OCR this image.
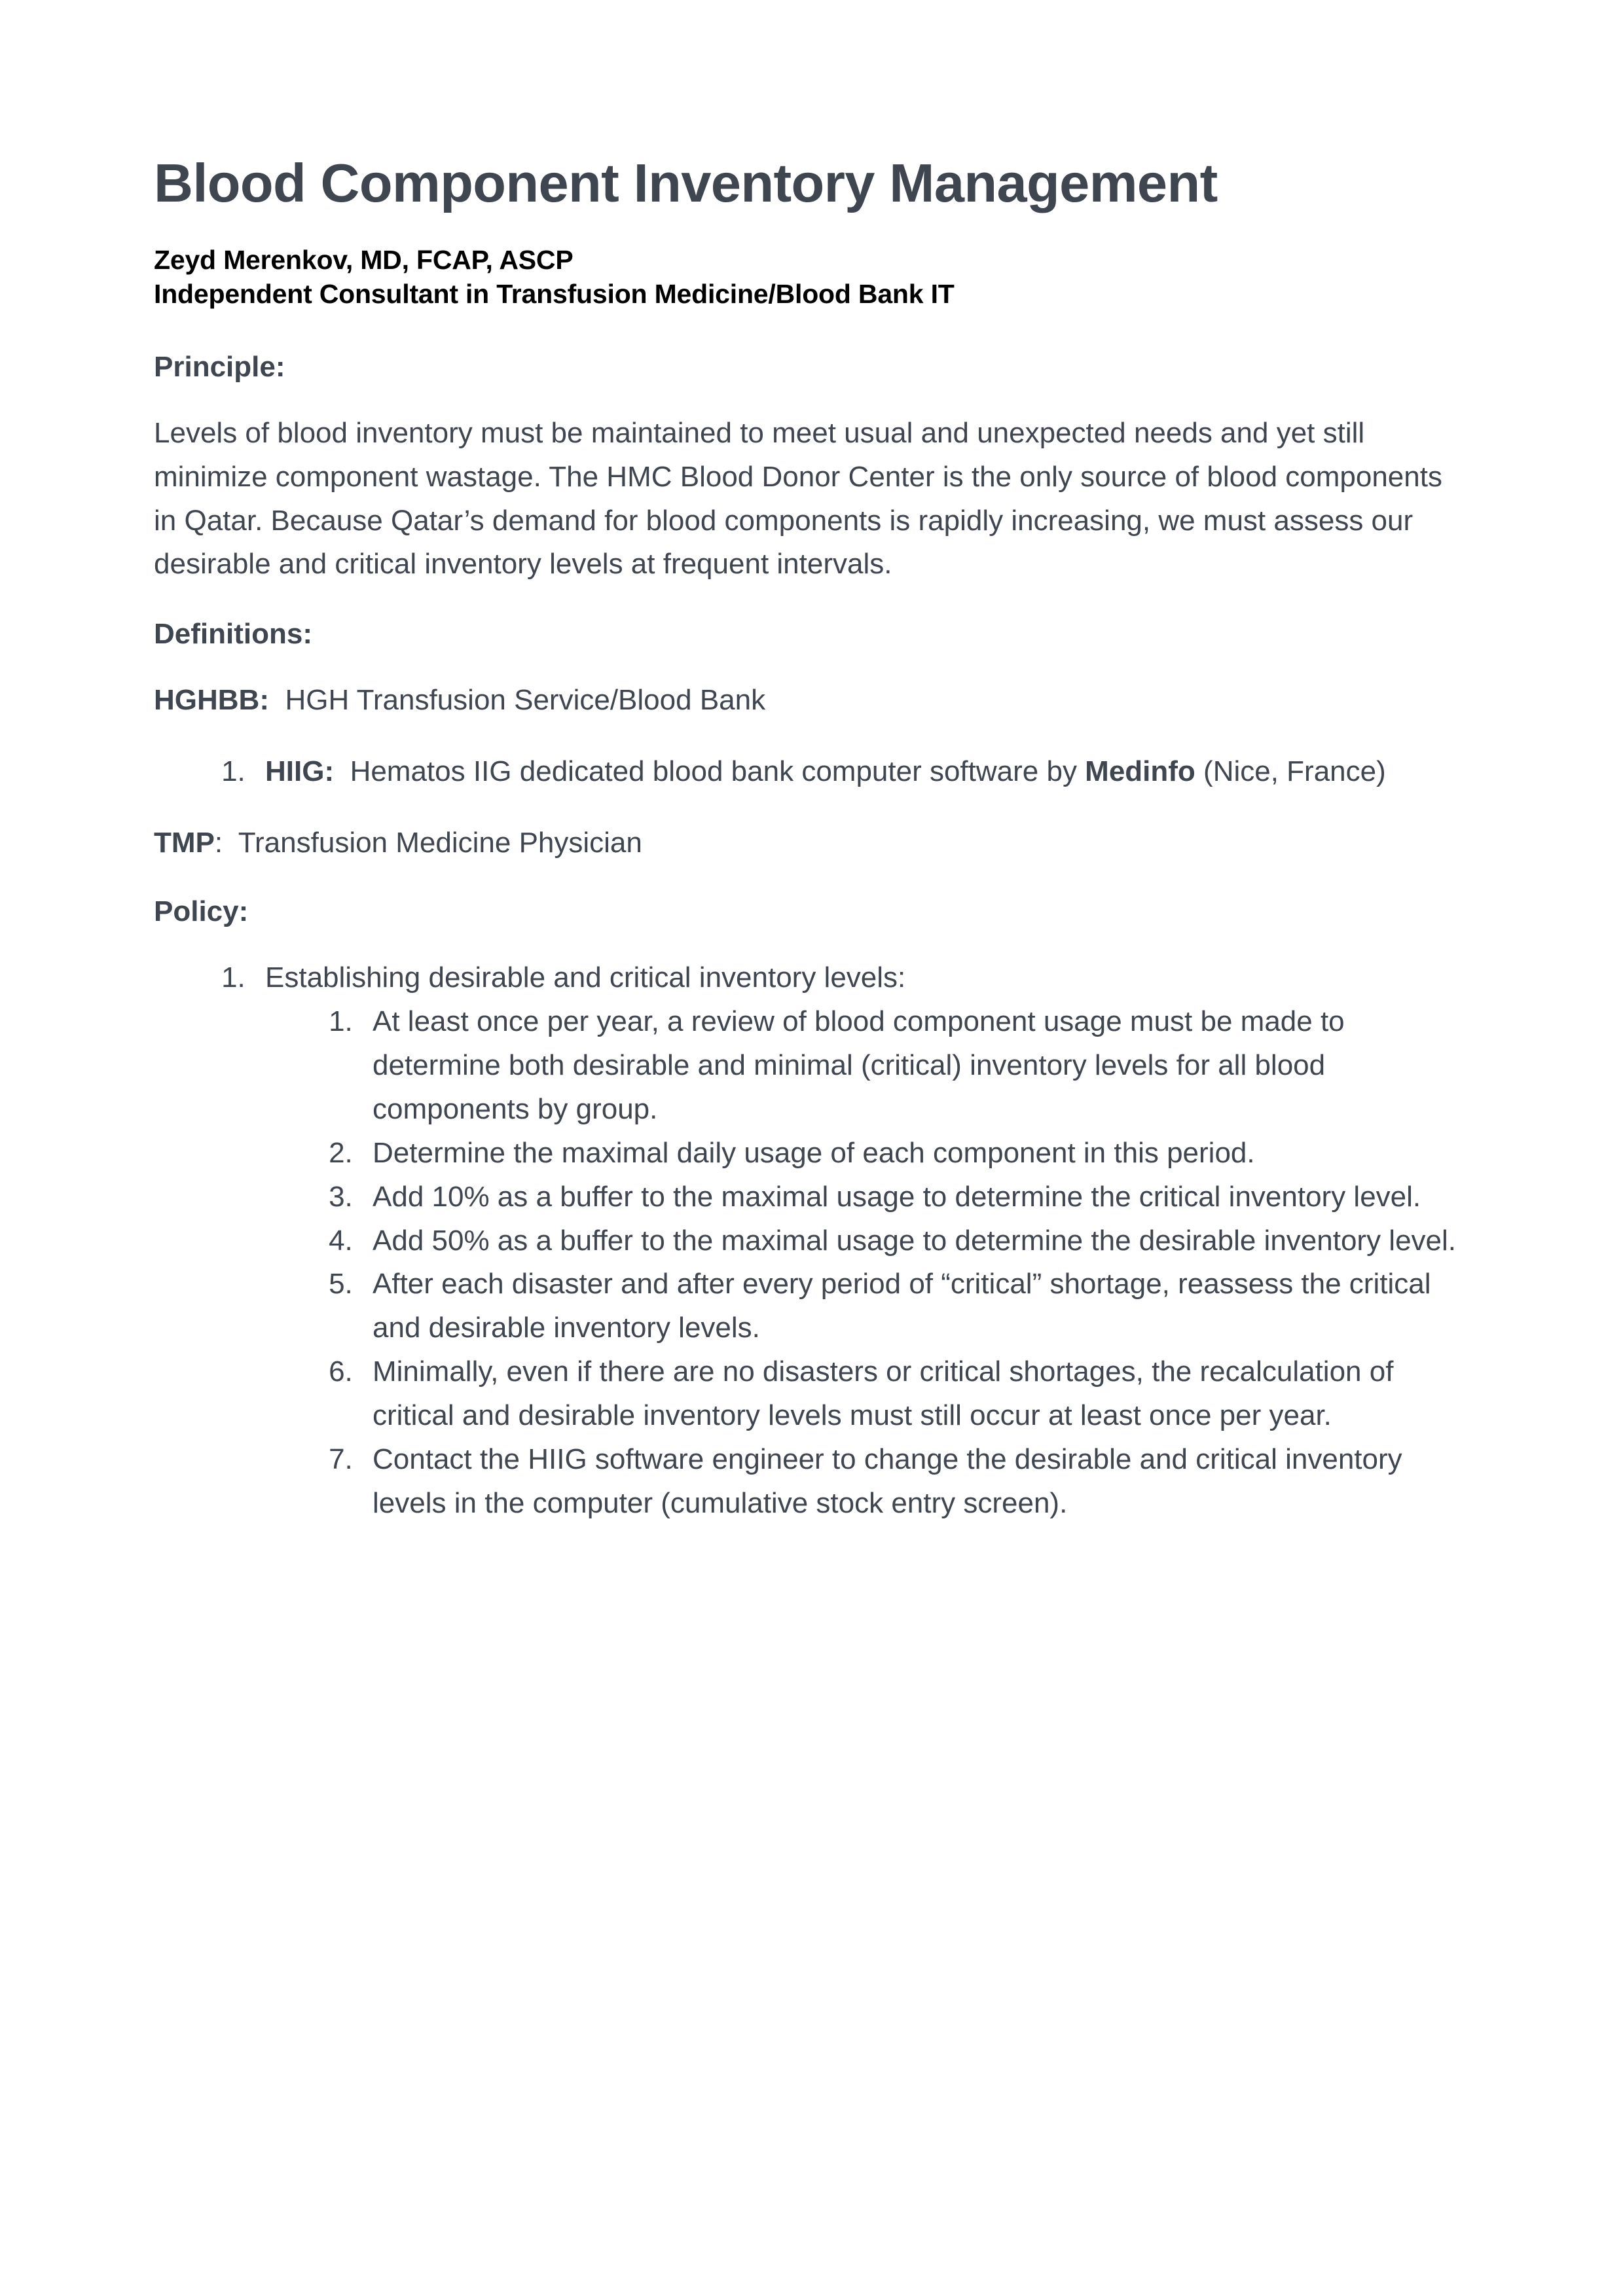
Blood Component Inventory Management
Zeyd Merenkov, MD, FCAP, ASCP
Independent Consultant in Transfusion Medicine/Blood Bank IT
Principle:

Levels of blood inventory must be maintained to meet usual and unexpected needs and yet still minimize component wastage. The HMC Blood Donor Center is the only source of blood components in Qatar. Because Qatar’s demand for blood components is rapidly increasing, we must assess our desirable and critical inventory levels at frequent intervals.

Definitions:
HGHBB: HGH Transfusion Service/Blood Bank
1. HIIG: Hematos IIG dedicated blood bank computer software by Medinfo (Nice, France)
TMP: Transfusion Medicine Physician
Policy:
1. Establishing desirable and critical inventory levels:
1. At least once per year, a review of blood component usage must be made to determine both desirable and minimal (critical) inventory levels for all blood components by group.
2. Determine the maximal daily usage of each component in this period.
3. Add 10% as a buffer to the maximal usage to determine the critical inventory level.
4. Add 50% as a buffer to the maximal usage to determine the desirable inventory level.
5. After each disaster and after every period of “critical” shortage, reassess the critical and desirable inventory levels.
6. Minimally, even if there are no disasters or critical shortages, the recalculation of critical and desirable inventory levels must still occur at least once per year.
7. Contact the HIIG software engineer to change the desirable and critical inventory levels in the computer (cumulative stock entry screen).
